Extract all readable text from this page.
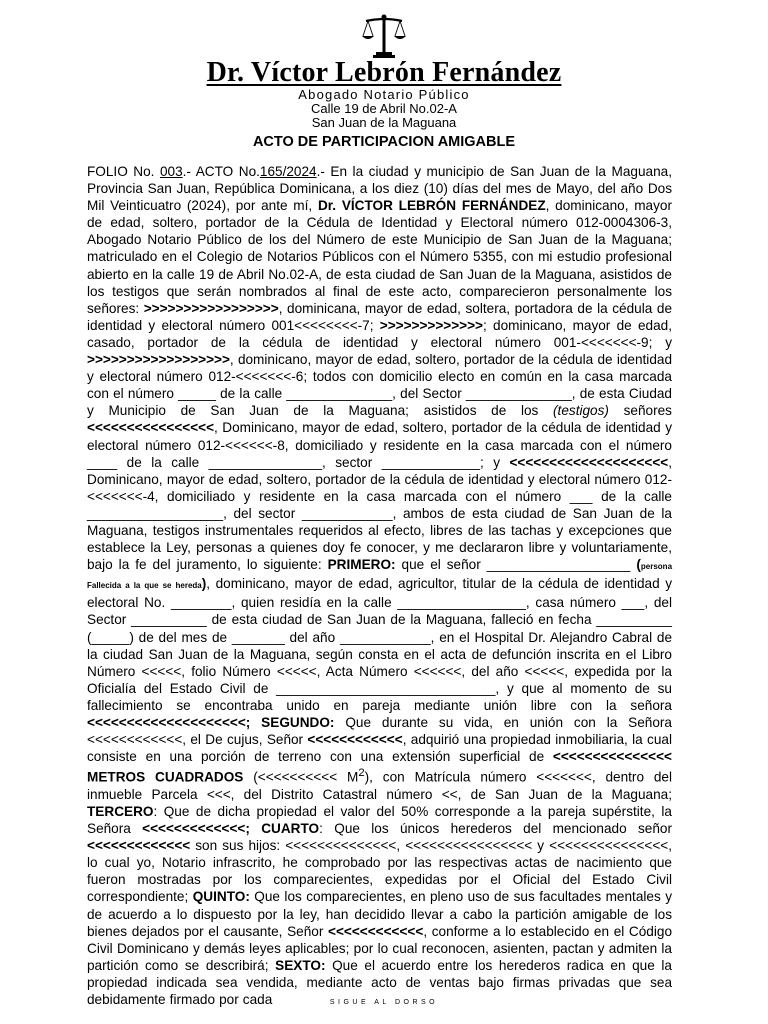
Dr. Víctor Lebrón Fernández
Abogado Notario Público
Calle 19 de Abril No.02-A
San Juan de la Maguana
ACTO DE PARTICIPACION AMIGABLE
FOLIO No. 003.- ACTO No.165/2024.- En la ciudad y municipio de San Juan de la Maguana, Provincia San Juan, República Dominicana, a los diez (10) días del mes de Mayo, del año Dos Mil Veinticuatro (2024), por ante mí, Dr. VÍCTOR LEBRÓN FERNÁNDEZ, dominicano, mayor de edad, soltero, portador de la Cédula de Identidad y Electoral número 012-0004306-3, Abogado Notario Público de los del Número de este Municipio de San Juan de la Maguana; matriculado en el Colegio de Notarios Públicos con el Número 5355, con mi estudio profesional abierto en la calle 19 de Abril No.02-A, de esta ciudad de San Juan de la Maguana, asistidos de los testigos que serán nombrados al final de este acto, comparecieron personalmente los señores: >>>>>>>>>>>>>>>>>, dominicana, mayor de edad, soltera, portadora de la cédula de identidad y electoral número 001<<<<<<<<-7; >>>>>>>>>>>>>; dominicano, mayor de edad, casado, portador de la cédula de identidad y electoral número 001-<<<<<<<-9; y >>>>>>>>>>>>>>>>>>, dominicano, mayor de edad, soltero, portador de la cédula de identidad y electoral número 012-<<<<<<<-6; todos con domicilio electo en común en la casa marcada con el número _____ de la calle ______________, del Sector ______________, de esta Ciudad y Municipio de San Juan de la Maguana; asistidos de los (testigos) señores <<<<<<<<<<<<<<<<, Dominicano, mayor de edad, soltero, portador de la cédula de identidad y electoral número 012-<<<<<<-8, domiciliado y residente en la casa marcada con el número ____ de la calle _______________, sector _____________; y <<<<<<<<<<<<<<<<<<<<, Dominicano, mayor de edad, soltero, portador de la cédula de identidad y electoral número 012-<<<<<<<-4, domiciliado y residente en la casa marcada con el número ___ de la calle __________________, del sector ____________, ambos de esta ciudad de San Juan de la Maguana, testigos instrumentales requeridos al efecto, libres de las tachas y excepciones que establece la Ley, personas a quienes doy fe conocer, y me declararon libre y voluntariamente, bajo la fe del juramento, lo siguiente: PRIMERO: que el señor ___________________ (persona Fallecida a la que se hereda), dominicano, mayor de edad, agricultor, titular de la cédula de identidad y electoral No. ________, quien residía en la calle _________________, casa número ___, del Sector __________ de esta ciudad de San Juan de la Maguana, falleció en fecha __________ (_____) de del mes de _______ del año ____________, en el Hospital Dr. Alejandro Cabral de la ciudad San Juan de la Maguana, según consta en el acta de defunción inscrita en el Libro Número <<<<<, folio Número <<<<<, Acta Número <<<<<<, del año <<<<<, expedida por la Oficialía del Estado Civil de _____________________________, y que al momento de su fallecimiento se encontraba unido en pareja mediante unión libre con la señora <<<<<<<<<<<<<<<<<<<<; SEGUNDO: Que durante su vida, en unión con la Señora <<<<<<<<<<<<, el De cujus, Señor <<<<<<<<<<<<, adquirió una propiedad inmobiliaria, la cual consiste en una porción de terreno con una extensión superficial de <<<<<<<<<<<<<<< METROS CUADRADOS (<<<<<<<<<< $M^2$), con Matrícula número <<<<<<<, dentro del inmueble Parcela <<<, del Distrito Catastral número <<, de San Juan de la Maguana; TERCERO: Que de dicha propiedad el valor del 50% corresponde a la pareja supérstite, la Señora <<<<<<<<<<<<<; CUARTO: Que los únicos herederos del mencionado señor <<<<<<<<<<<<< son sus hijos: <<<<<<<<<<<<<<, <<<<<<<<<<<<<<<< y <<<<<<<<<<<<<<<, lo cual yo, Notario infrascrito, he comprobado por las respectivas actas de nacimiento que fueron mostradas por los comparecientes, expedidas por el Oficial del Estado Civil correspondiente; QUINTO: Que los comparecientes, en pleno uso de sus facultades mentales y de acuerdo a lo dispuesto por la ley, han decidido llevar a cabo la partición amigable de los bienes dejados por el causante, Señor <<<<<<<<<<<<, conforme a lo establecido en el Código Civil Dominicano y demás leyes aplicables; por lo cual reconocen, asienten, pactan y admiten la partición como se describirá; SEXTO: Que el acuerdo entre los herederos radica en que la propiedad indicada sea vendida, mediante acto de ventas bajo firmas privadas que sea debidamente firmado por cada	SIGUE AL DORSO
